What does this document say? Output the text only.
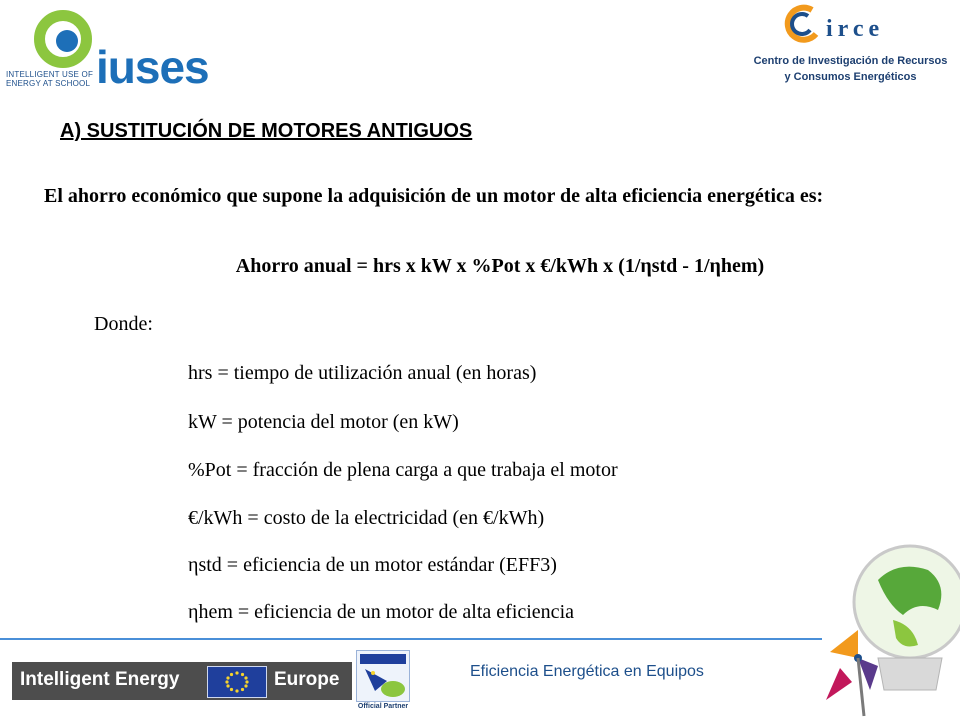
INTELLIGENT USE OF ENERGY AT SCHOOL iuses
irce
Centro de Investigación de Recursos
y Consumos Energéticos
A) SUSTITUCIÓN DE MOTORES ANTIGUOS
El ahorro económico que supone la adquisición de un motor de alta eficiencia energética es:
Ahorro anual = hrs x kW x %Pot x €/kWh x (1/ηstd - 1/ηhem)
Donde:
hrs = tiempo de utilización anual (en horas)
kW = potencia del motor (en kW)
%Pot = fracción de plena carga a que trabaja el motor
€/kWh = costo de la electricidad (en €/kWh)
ηstd = eficiencia de un motor estándar (EFF3)
ηhem = eficiencia de un motor de alta eficiencia
Intelligent Energy	Europe
Official Partner
Eficiencia Energética en Equipos
